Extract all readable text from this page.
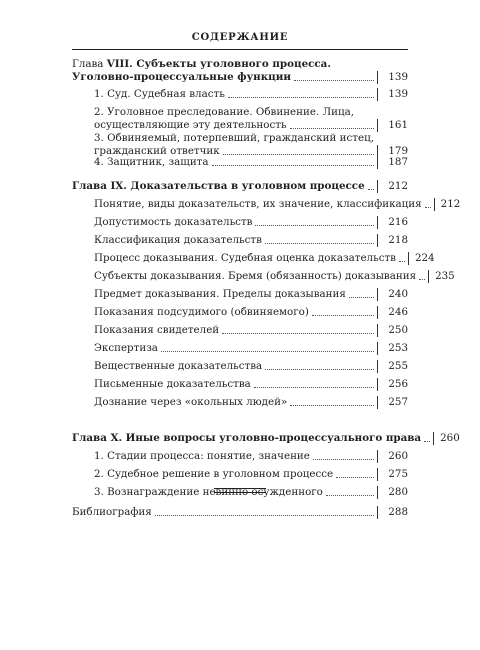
СОДЕРЖАНИЕ
Глава VIII. Субъекты уголовного процесса.
Уголовно-процессуальные функции	139
1. Суд. Судебная власть	139
2. Уголовное преследование. Обвинение. Лица,
осуществляющие эту деятельность	161
3. Обвиняемый, потерпевший, гражданский истец,
гражданский ответчик	179
4. Защитник, защита	187
Глава IX. Доказательства в уголовном процессе	212
Понятие, виды доказательств, их значение, классификация	212
Допустимость доказательств	216
Классификация доказательств	218
Процесс доказывания. Судебная оценка доказательств	224
Субъекты доказывания. Бремя (обязанность) доказывания	235
Предмет доказывания. Пределы доказывания	240
Показания подсудимого (обвиняемого)	246
Показания свидетелей	250
Экспертиза	253
Вещественные доказательства	255
Письменные доказательства	256
Дознание через «окольных людей»	257
Глава X. Иные вопросы уголовно-процессуального права	260
1. Стадии процесса: понятие, значение	260
2. Судебное решение в уголовном процессе	275
3. Вознаграждение невинно осужденного	280
Библиография	288
